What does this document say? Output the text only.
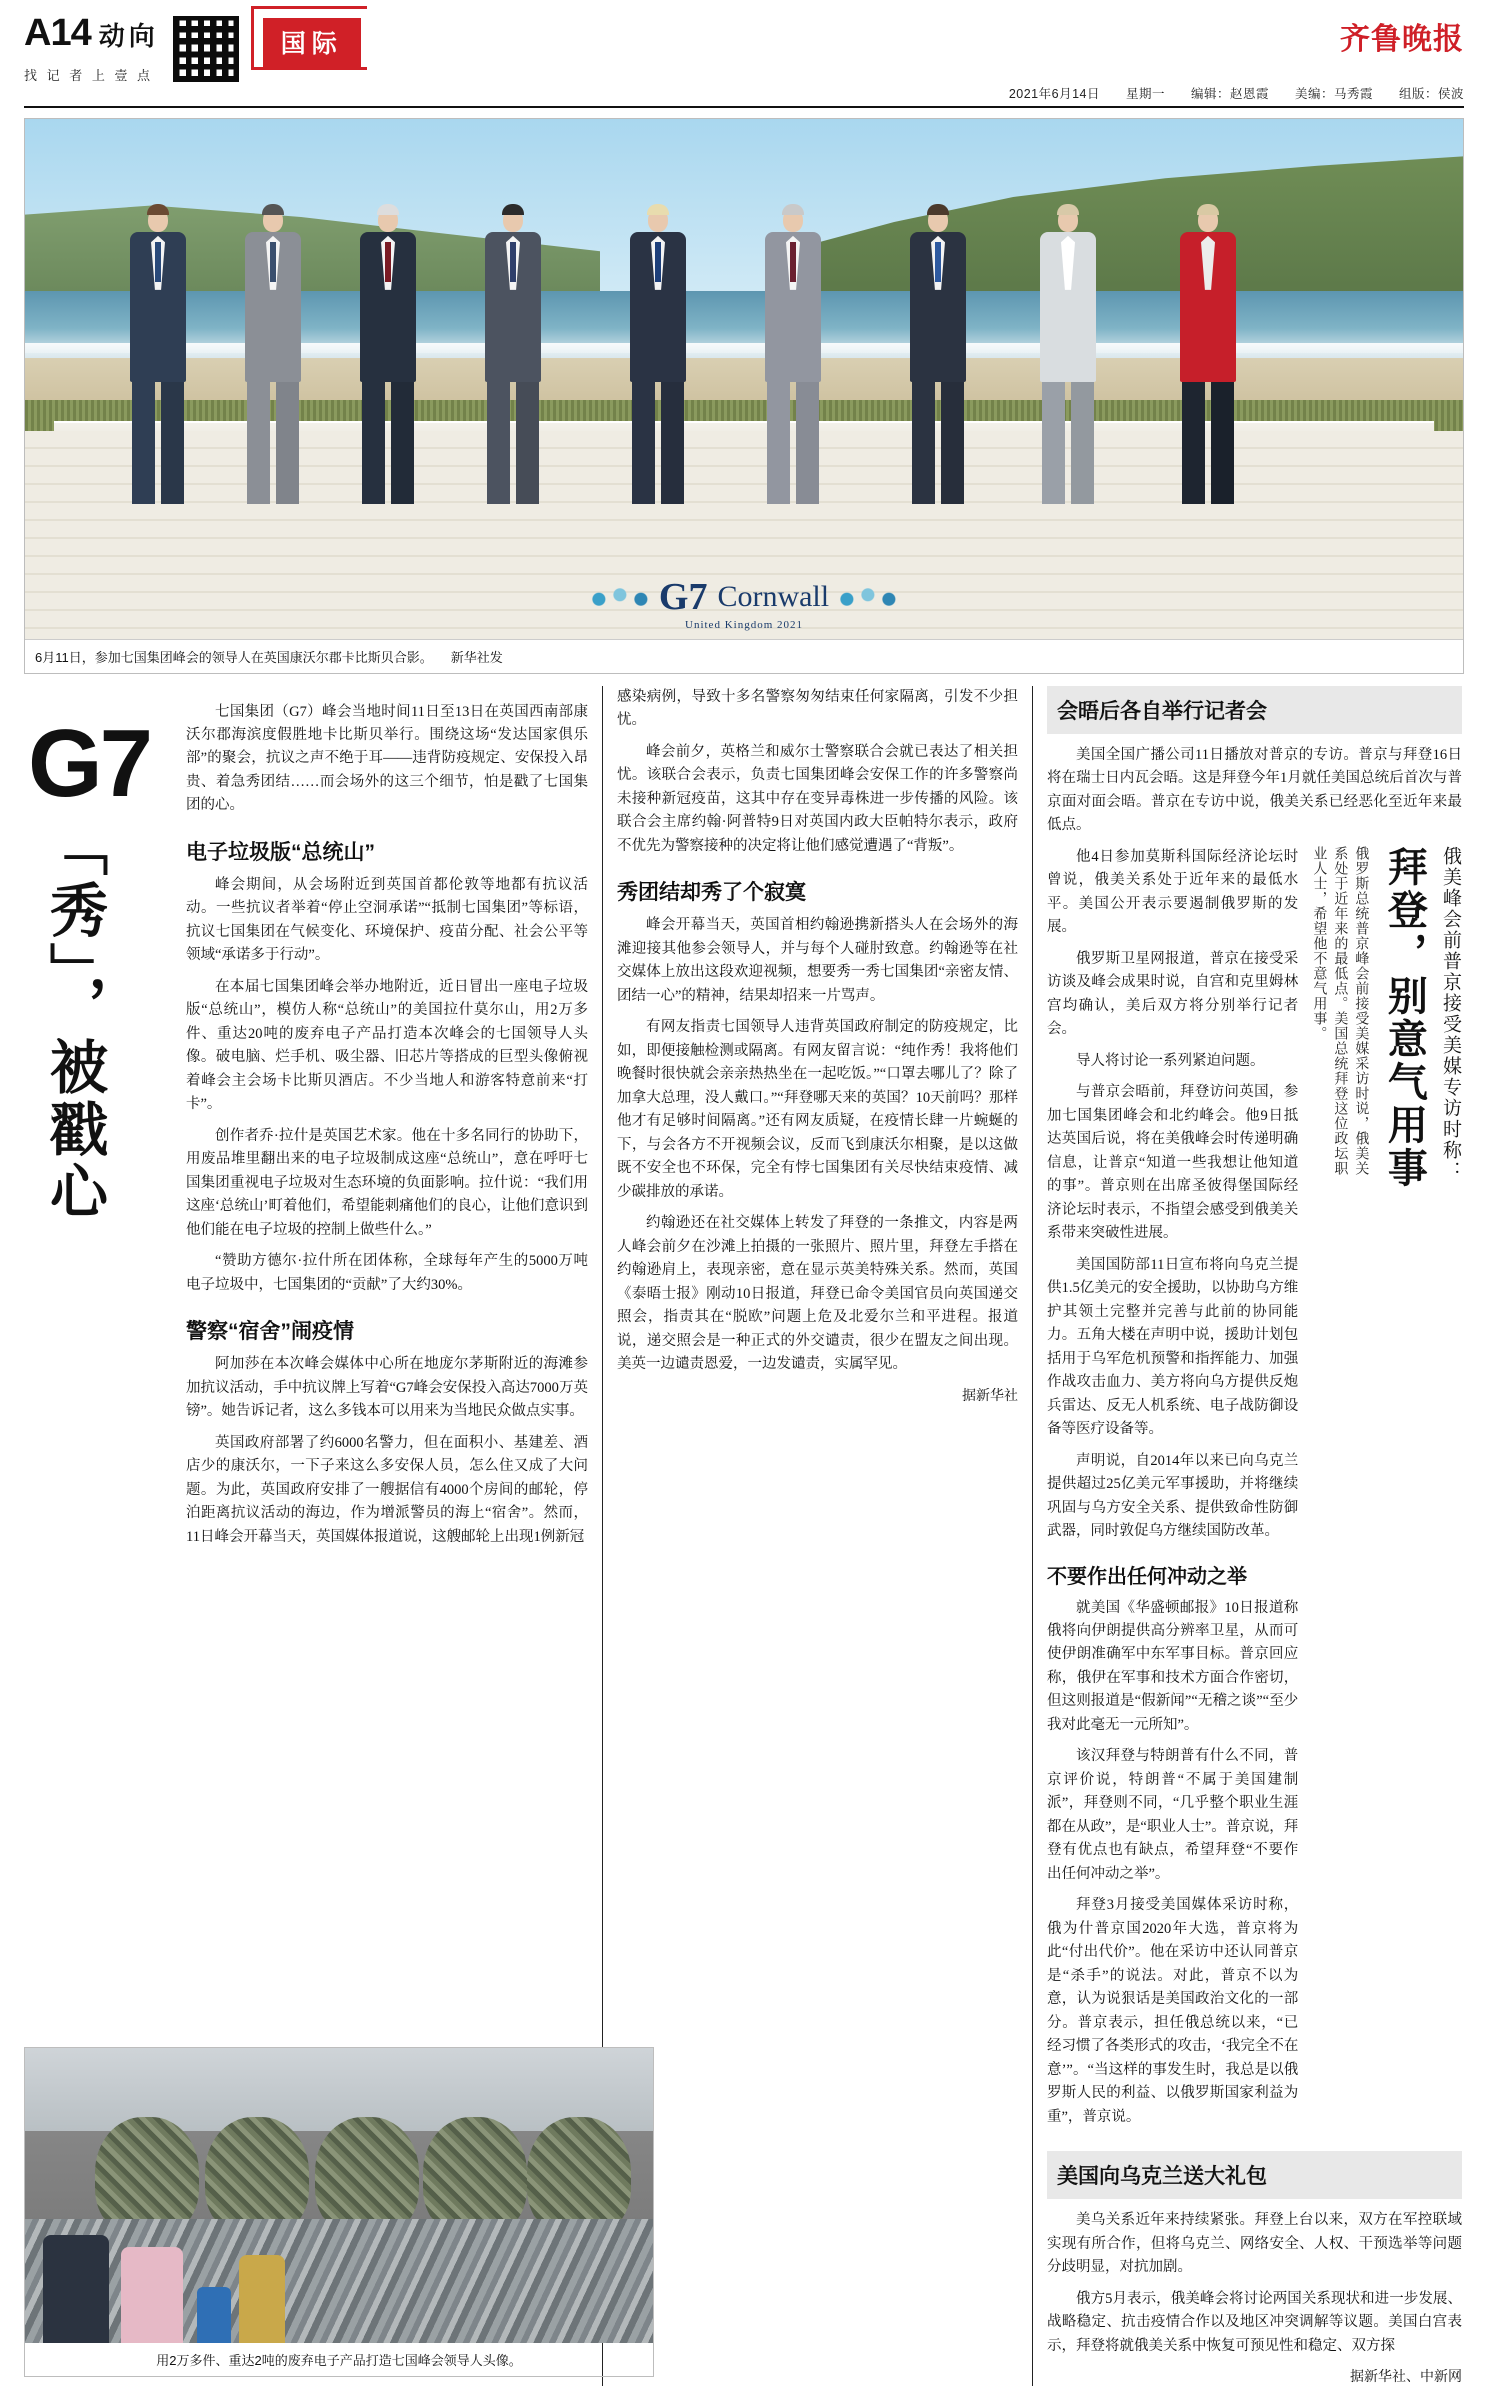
A14 动向
找 记 者 上 壹 点
国际	齐鲁晚报
2021年6月14日 星期一 编辑：赵恩霞 美编：马秀霞 组版：侯波
G7 Cornwall
United Kingdom 2021
6月11日，参加七国集团峰会的领导人在英国康沃尔郡卡比斯贝合影。 新华社发
G7
「秀」，被戳心

七国集团（G7）峰会当地时间11日至13日在英国西南部康沃尔郡海滨度假胜地卡比斯贝举行。围绕这场“发达国家俱乐部”的聚会，抗议之声不绝于耳——违背防疫规定、安保投入昂贵、着急秀团结……而会场外的这三个细节，怕是戳了七国集团的心。

电子垃圾版“总统山”

峰会期间，从会场附近到英国首都伦敦等地都有抗议活动。一些抗议者举着“停止空洞承诺”“抵制七国集团”等标语，抗议七国集团在气候变化、环境保护、疫苗分配、社会公平等领域“承诺多于行动”。

在本届七国集团峰会举办地附近，近日冒出一座电子垃圾版“总统山”，模仿人称“总统山”的美国拉什莫尔山，用2万多件、重达20吨的废弃电子产品打造本次峰会的七国领导人头像。破电脑、烂手机、吸尘器、旧芯片等搭成的巨型头像俯视着峰会主会场卡比斯贝酒店。不少当地人和游客特意前来“打卡”。

创作者乔·拉什是英国艺术家。他在十多名同行的协助下，用废品堆里翻出来的电子垃圾制成这座“总统山”，意在呼吁七国集团重视电子垃圾对生态环境的负面影响。拉什说：“我们用这座‘总统山’町着他们，希望能刺痛他们的良心，让他们意识到他们能在电子垃圾的控制上做些什么。”

“赞助方德尔·拉什所在团体称，全球每年产生的5000万吨电子垃圾中，七国集团的“贡献”了大约30%。

警察“宿舍”闹疫情

阿加莎在本次峰会媒体中心所在地庞尔茅斯附近的海滩参加抗议活动，手中抗议牌上写着“G7峰会安保投入高达7000万英镑”。她告诉记者，这么多钱本可以用来为当地民众做点实事。

英国政府部署了约6000名警力，但在面积小、基建差、酒店少的康沃尔，一下子来这么多安保人员，怎么住又成了大问题。为此，英国政府安排了一艘据信有4000个房间的邮轮，停泊距离抗议活动的海边，作为增派警员的海上“宿舍”。然而，11日峰会开幕当天，英国媒体报道说，这艘邮轮上出现1例新冠

感染病例，导致十多名警察匆匆结束任何家隔离，引发不少担忧。

峰会前夕，英格兰和威尔士警察联合会就已表达了相关担忧。该联合会表示，负责七国集团峰会安保工作的许多警察尚未接种新冠疫苗，这其中存在变异毒株进一步传播的风险。该联合会主席约翰·阿普特9日对英国内政大臣帕特尔表示，政府不优先为警察接种的决定将让他们感觉遭遇了“背叛”。

秀团结却秀了个寂寞

峰会开幕当天，英国首相约翰逊携新搭头人在会场外的海滩迎接其他参会领导人，并与每个人碰肘致意。约翰逊等在社交媒体上放出这段欢迎视频，想要秀一秀七国集团“亲密友情、团结一心”的精神，结果却招来一片骂声。

有网友指责七国领导人违背英国政府制定的防疫规定，比如，即便接触检测或隔离。有网友留言说：“纯作秀！我将他们晚餐时很快就会亲亲热热坐在一起吃饭。”“口罩去哪儿了？除了加拿大总理，没人戴口。”“拜登哪天来的英国？10天前吗？那样他才有足够时间隔离。”还有网友质疑，在疫情长肆一片蜿蜒的下，与会各方不开视频会议，反而飞到康沃尔相聚，是以这做既不安全也不环保，完全有悖七国集团有关尽快结束疫情、减少碳排放的承诺。

约翰逊还在社交媒体上转发了拜登的一条推文，内容是两人峰会前夕在沙滩上拍摄的一张照片、照片里，拜登左手搭在约翰逊肩上，表现亲密，意在显示英美特殊关系。然而，英国《泰晤士报》刚动10日报道，拜登已命令美国官员向英国递交照会，指责其在“脱欧”问题上危及北爱尔兰和平进程。报道说，递交照会是一种正式的外交谴责，很少在盟友之间出现。美英一边谴责恩爱，一边发谴责，实属罕见。

据新华社
会晤后各自举行记者会

美国全国广播公司11日播放对普京的专访。普京与拜登16日将在瑞士日内瓦会晤。这是拜登今年1月就任美国总统后首次与普京面对面会晤。普京在专访中说，俄美关系已经恶化至近年来最低点。

俄美峰会前普京接受美媒专访时称：
拜登，别意气用事
俄罗斯总统普京峰会前接受美媒采访时说，俄美关系处于近年来的最低点。美国总统拜登这位政坛职业人士，希望他不意气用事。

他4日参加莫斯科国际经济论坛时曾说，俄美关系处于近年来的最低水平。美国公开表示要遏制俄罗斯的发展。

俄罗斯卫星网报道，普京在接受采访谈及峰会成果时说，自宫和克里姆林宫均确认，美后双方将分别举行记者会。

导人将讨论一系列紧迫问题。

与普京会晤前，拜登访问英国，参加七国集团峰会和北约峰会。他9日抵达英国后说，将在美俄峰会时传递明确信息，让普京“知道一些我想让他知道的事”。普京则在出席圣彼得堡国际经济论坛时表示，不指望会感受到俄美关系带来突破性进展。

美国国防部11日宣布将向乌克兰提供1.5亿美元的安全援助，以协助乌方维护其领土完整并完善与此前的协同能力。五角大楼在声明中说，援助计划包括用于乌军危机预警和指挥能力、加强作战攻击血力、美方将向乌方提供反炮兵雷达、反无人机系统、电子战防御设备等医疗设备等。

声明说，自2014年以来已向乌克兰提供超过25亿美元军事援助，并将继续巩固与乌方安全关系、提供致命性防御武器，同时敦促乌方继续国防改革。

不要作出任何冲动之举

就美国《华盛顿邮报》10日报道称俄将向伊朗提供高分辨率卫星，从而可使伊朗准确军中东军事目标。普京回应称，俄伊在军事和技术方面合作密切，但这则报道是“假新闻”“无稽之谈”“至少我对此毫无一元所知”。

该汉拜登与特朗普有什么不同，普京评价说，特朗普“不属于美国建制派”，拜登则不同，“几乎整个职业生涯都在从政”，是“职业人士”。普京说，拜登有优点也有缺点，希望拜登“不要作出任何冲动之举”。

拜登3月接受美国媒体采访时称，俄为什普京国2020年大选，普京将为此“付出代价”。他在采访中还认同普京是“杀手”的说法。对此，普京不以为意，认为说狠话是美国政治文化的一部分。普京表示，担任俄总统以来，“已经习惯了各类形式的攻击，‘我完全不在意’”。“当这样的事发生时，我总是以俄罗斯人民的利益、以俄罗斯国家利益为重”，普京说。

美国向乌克兰送大礼包

美乌关系近年来持续紧张。拜登上台以来，双方在军控联域实现有所合作，但将乌克兰、网络安全、人权、干预选举等问题分歧明显，对抗加剧。

俄方5月表示，俄美峰会将讨论两国关系现状和进一步发展、战略稳定、抗击疫情合作以及地区冲突调解等议题。美国白宫表示，拜登将就俄美关系中恢复可预见性和稳定、双方探

据新华社、中新网
用2万多件、重达2吨的废弃电子产品打造七国峰会领导人头像。
